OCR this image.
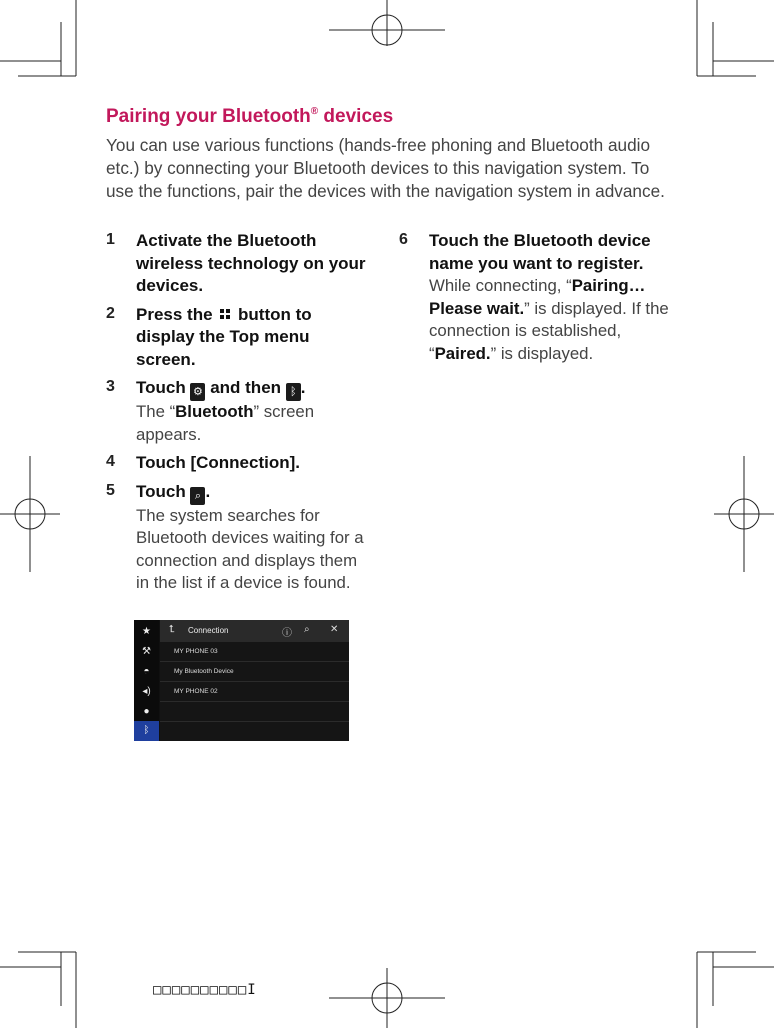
Pairing your Bluetooth® devices
You can use various functions (hands-free phoning and Bluetooth audio etc.) by connecting your Bluetooth devices to this navigation system. To use the functions, pair the devices with the navigation system in advance.
1 Activate the Bluetooth wireless technology on your devices.
2 Press the button to display the Top menu screen.
3 Touch ⚙ and then ᛒ .
The “Bluetooth” screen appears.
4 Touch [Connection].
5 Touch ⌕ .
The system searches for Bluetooth devices waiting for a connection and displays them in the list if a device is found.
6 Touch the Bluetooth device name you want to register.
While connecting, “Pairing… Please wait.” is displayed. If the connection is established, “Paired.” is displayed.
★
⚒
◓
◂)
●
ᛒ
⮤ Connection	ⓘ ⌕ ✕
MY PHONE 03
My Bluetooth Device
MY PHONE 02
□□□□□□□□□□I
